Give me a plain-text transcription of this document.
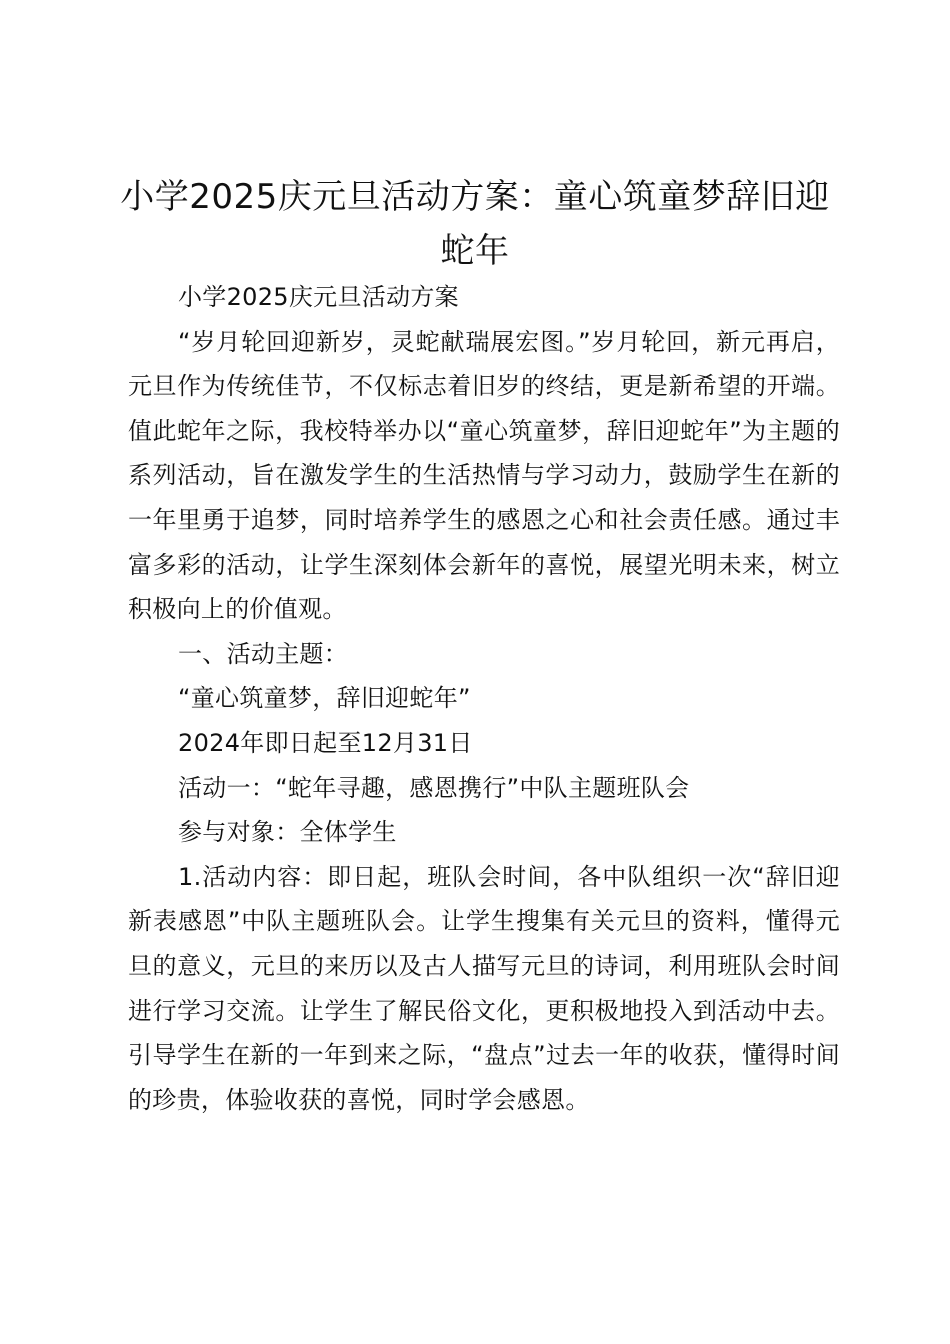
小学2025庆元旦活动方案：童心筑童梦辞旧迎蛇年

小学2025庆元旦活动方案

“岁月轮回迎新岁，灵蛇献瑞展宏图。”岁月轮回，新元再启，元旦作为传统佳节，不仅标志着旧岁的终结，更是新希望的开端。值此蛇年之际，我校特举办以“童心筑童梦，辞旧迎蛇年”为主题的系列活动，旨在激发学生的生活热情与学习动力，鼓励学生在新的一年里勇于追梦，同时培养学生的感恩之心和社会责任感。通过丰富多彩的活动，让学生深刻体会新年的喜悦，展望光明未来，树立积极向上的价值观。

一、活动主题：

“童心筑童梦，辞旧迎蛇年”

2024年即日起至12月31日

活动一：“蛇年寻趣，感恩携行”中队主题班队会

参与对象：全体学生

1.活动内容：即日起，班队会时间，各中队组织一次“辞旧迎新表感恩”中队主题班队会。让学生搜集有关元旦的资料，懂得元旦的意义，元旦的来历以及古人描写元旦的诗词，利用班队会时间进行学习交流。让学生了解民俗文化，更积极地投入到活动中去。引导学生在新的一年到来之际，“盘点”过去一年的收获，懂得时间的珍贵，体验收获的喜悦，同时学会感恩。
